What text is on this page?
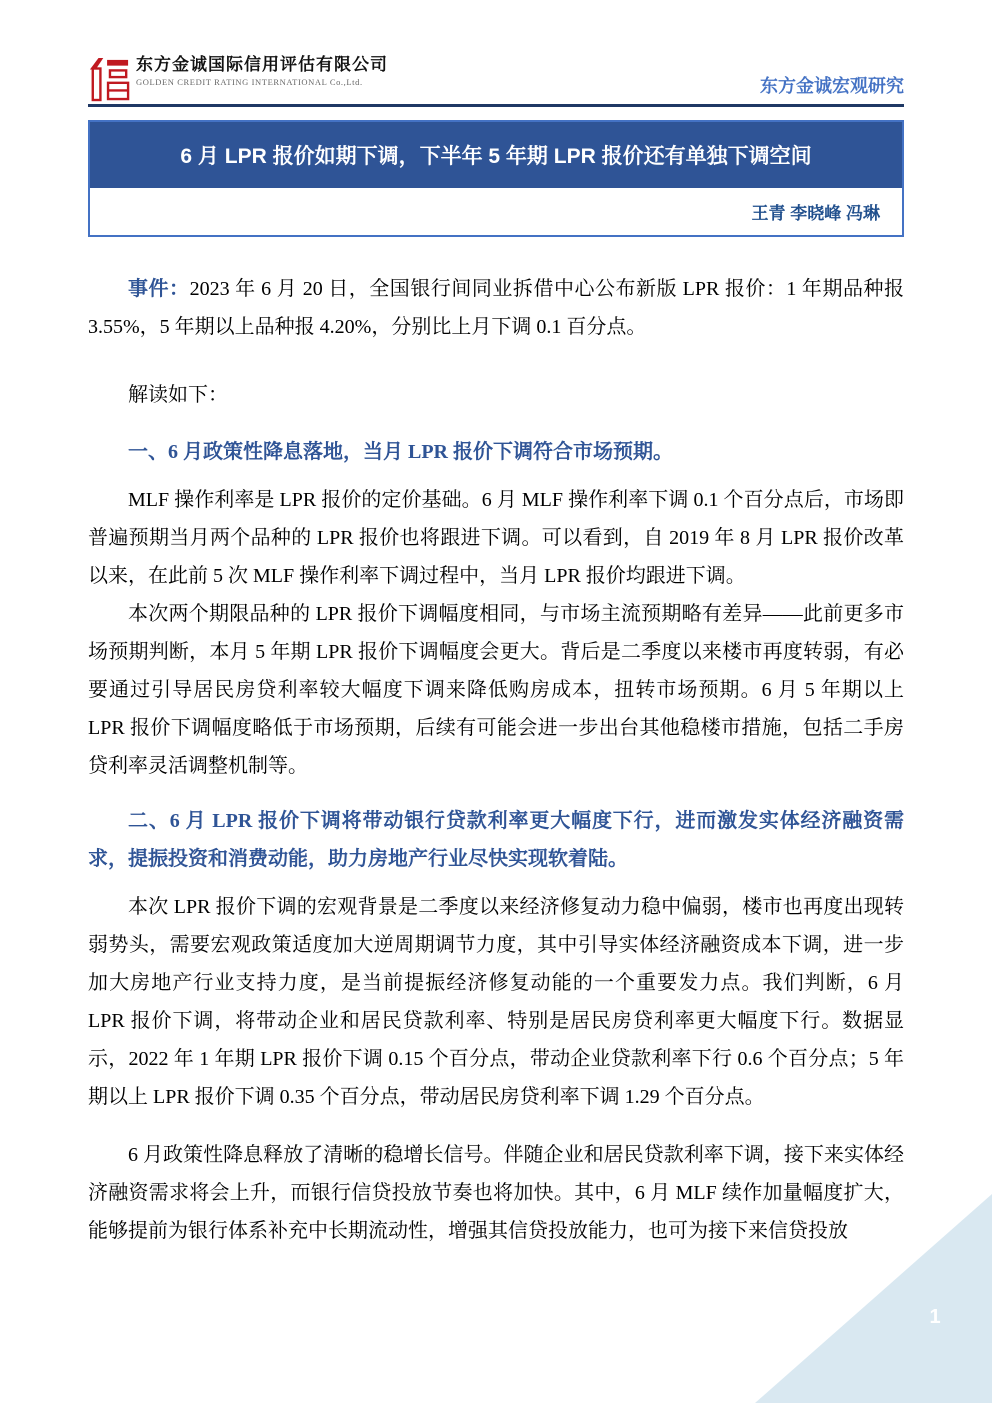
东方金诚国际信用评估有限公司
GOLDEN CREDIT RATING INTERNATIONAL Co.,Ltd.	东方金诚宏观研究
6 月 LPR 报价如期下调，下半年 5 年期 LPR 报价还有单独下调空间
王青 李晓峰 冯琳

事件：2023 年 6 月 20 日，全国银行间同业拆借中心公布新版 LPR 报价：1 年期品种报 3.55%，5 年期以上品种报 4.20%，分别比上月下调 0.1 百分点。

解读如下：

一、6 月政策性降息落地，当月 LPR 报价下调符合市场预期。

MLF 操作利率是 LPR 报价的定价基础。6 月 MLF 操作利率下调 0.1 个百分点后，市场即普遍预期当月两个品种的 LPR 报价也将跟进下调。可以看到，自 2019 年 8 月 LPR 报价改革以来，在此前 5 次 MLF 操作利率下调过程中，当月 LPR 报价均跟进下调。

本次两个期限品种的 LPR 报价下调幅度相同，与市场主流预期略有差异——此前更多市场预期判断，本月 5 年期 LPR 报价下调幅度会更大。背后是二季度以来楼市再度转弱，有必要通过引导居民房贷利率较大幅度下调来降低购房成本，扭转市场预期。6 月 5 年期以上 LPR 报价下调幅度略低于市场预期，后续有可能会进一步出台其他稳楼市措施，包括二手房贷利率灵活调整机制等。

二、6 月 LPR 报价下调将带动银行贷款利率更大幅度下行，进而激发实体经济融资需求，提振投资和消费动能，助力房地产行业尽快实现软着陆。

本次 LPR 报价下调的宏观背景是二季度以来经济修复动力稳中偏弱，楼市也再度出现转弱势头，需要宏观政策适度加大逆周期调节力度，其中引导实体经济融资成本下调，进一步加大房地产行业支持力度，是当前提振经济修复动能的一个重要发力点。我们判断，6 月 LPR 报价下调，将带动企业和居民贷款利率、特别是居民房贷利率更大幅度下行。数据显示，2022 年 1 年期 LPR 报价下调 0.15 个百分点，带动企业贷款利率下行 0.6 个百分点；5 年期以上 LPR 报价下调 0.35 个百分点，带动居民房贷利率下调 1.29 个百分点。

6 月政策性降息释放了清晰的稳增长信号。伴随企业和居民贷款利率下调，接下来实体经济融资需求将会上升，而银行信贷投放节奏也将加快。其中，6 月 MLF 续作加量幅度扩大，能够提前为银行体系补充中长期流动性，增强其信贷投放能力，也可为接下来信贷投放

1
